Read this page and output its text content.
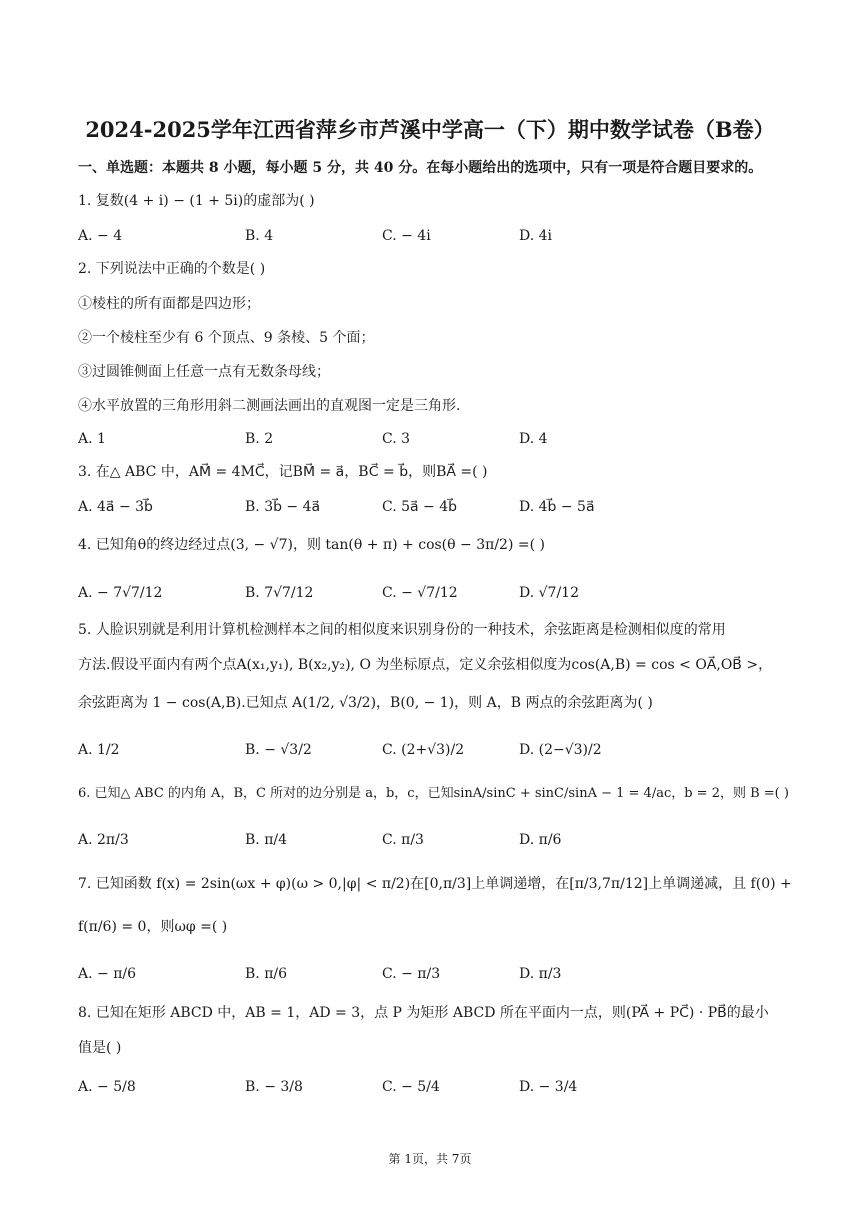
2024-2025学年江西省萍乡市芦溪中学高一（下）期中数学试卷（B卷）
一、单选题：本题共 8 小题，每小题 5 分，共 40 分。在每小题给出的选项中，只有一项是符合题目要求的。
1. 复数(4 + i) − (1 + 5i)的虚部为( )
A. − 4	B. 4	C. − 4i	D. 4i
2. 下列说法中正确的个数是( )
①棱柱的所有面都是四边形；
②一个棱柱至少有 6 个顶点、9 条棱、5 个面；
③过圆锥侧面上任意一点有无数条母线；
④水平放置的三角形用斜二测画法画出的直观图一定是三角形.
A. 1	B. 2	C. 3	D. 4
3. 在△ ABC 中，AM⃗ = 4MC⃗，记BM⃗ = a⃗，BC⃗ = b⃗，则BA⃗ =( )
A. 4a⃗ − 3b⃗	B. 3b⃗ − 4a⃗	C. 5a⃗ − 4b⃗	D. 4b⃗ − 5a⃗
4. 已知角θ的终边经过点(3, − √7)，则 tan(θ + π) + cos(θ − 3π/2) =( )
A. − 7√7/12	B. 7√7/12	C. − √7/12	D. √7/12
5. 人脸识别就是利用计算机检测样本之间的相似度来识别身份的一种技术，余弦距离是检测相似度的常用
方法.假设平面内有两个点A(x₁,y₁), B(x₂,y₂), O 为坐标原点，定义余弦相似度为cos(A,B) = cos < OA⃗,OB⃗ >，
余弦距离为 1 − cos(A,B).已知点 A(1/2, √3/2)，B(0, − 1)，则 A，B 两点的余弦距离为( )
A. 1/2	B. − √3/2	C. (2+√3)/2	D. (2−√3)/2
6. 已知△ ABC 的内角 A，B，C 所对的边分别是 a，b，c，已知sinA/sinC + sinC/sinA − 1 = 4/ac，b = 2，则 B =( )
A. 2π/3	B. π/4	C. π/3	D. π/6
7. 已知函数 f(x) = 2sin(ωx + φ)(ω > 0,|φ| < π/2)在[0,π/3]上单调递增，在[π/3,7π/12]上单调递减，且 f(0) +
f(π/6) = 0，则ωφ =( )
A. − π/6	B. π/6	C. − π/3	D. π/3
8. 已知在矩形 ABCD 中，AB = 1，AD = 3，点 P 为矩形 ABCD 所在平面内一点，则(PA⃗ + PC⃗) · PB⃗的最小
值是( )
A. − 5/8	B. − 3/8	C. − 5/4	D. − 3/4
第 1页，共 7页
